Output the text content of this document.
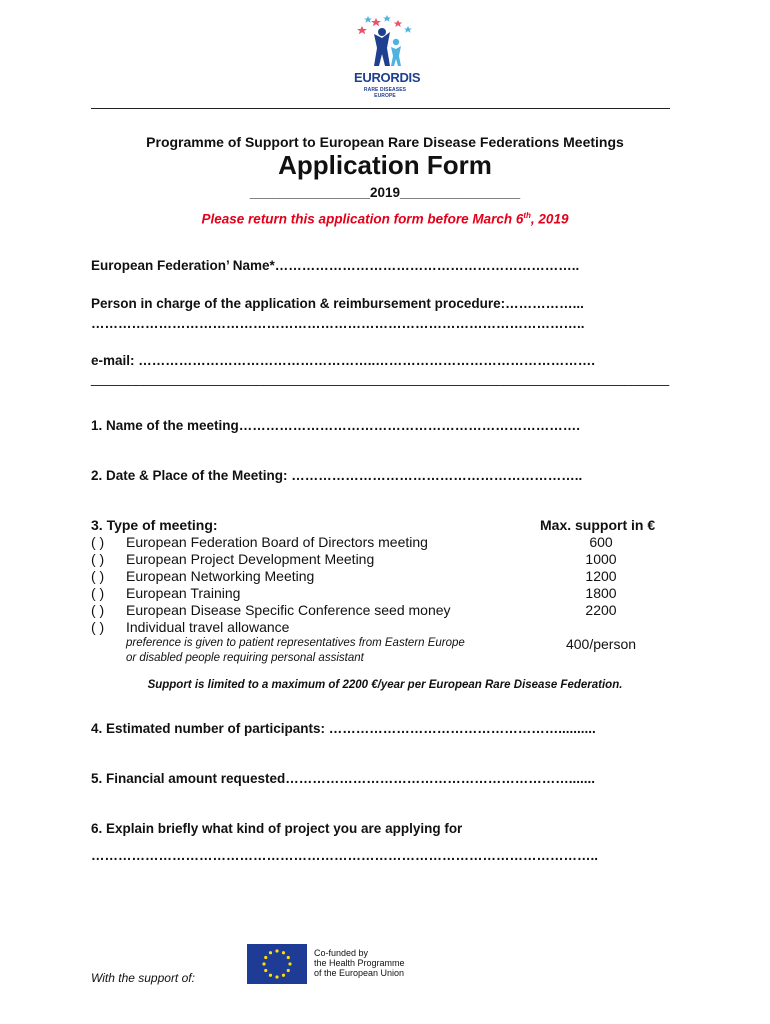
EURORDIS
RARE DISEASES EUROPE
Programme of Support to European Rare Disease Federations Meetings
Application Form
________________2019________________
Please return this application form before March 6th, 2019
European Federation’ Name*…………………………………………………………..
Person in charge of the application & reimbursement procedure:……………...
………………………………………………………………………………………………..
e-mail: ……………………………………………..………………………………………….
_____________________________________________________________________________
1. Name of the meeting………………………………………………………………….
2. Date & Place of the Meeting: ………………………………………………………..
3. Type of meeting:	Max. support in €
( ) European Federation Board of Directors meeting	600
( ) European Project Development Meeting	1000
( ) European Networking Meeting	1200
( ) European Training	1800
( ) European Disease Specific Conference seed money	2200
( ) Individual travel allowance
preference is given to patient representatives from Eastern Europe
or disabled people requiring personal assistant
400/person
Support is limited to a maximum of 2200 €/year per European Rare Disease Federation.
4. Estimated number of participants: ……………………………………………..........
5. Financial amount requested……………………………………………………….......
6. Explain briefly what kind of project you are applying for
…………………………………………………………………………………………………..
With the support of:
Co-funded by
the Health Programme
of the European Union
